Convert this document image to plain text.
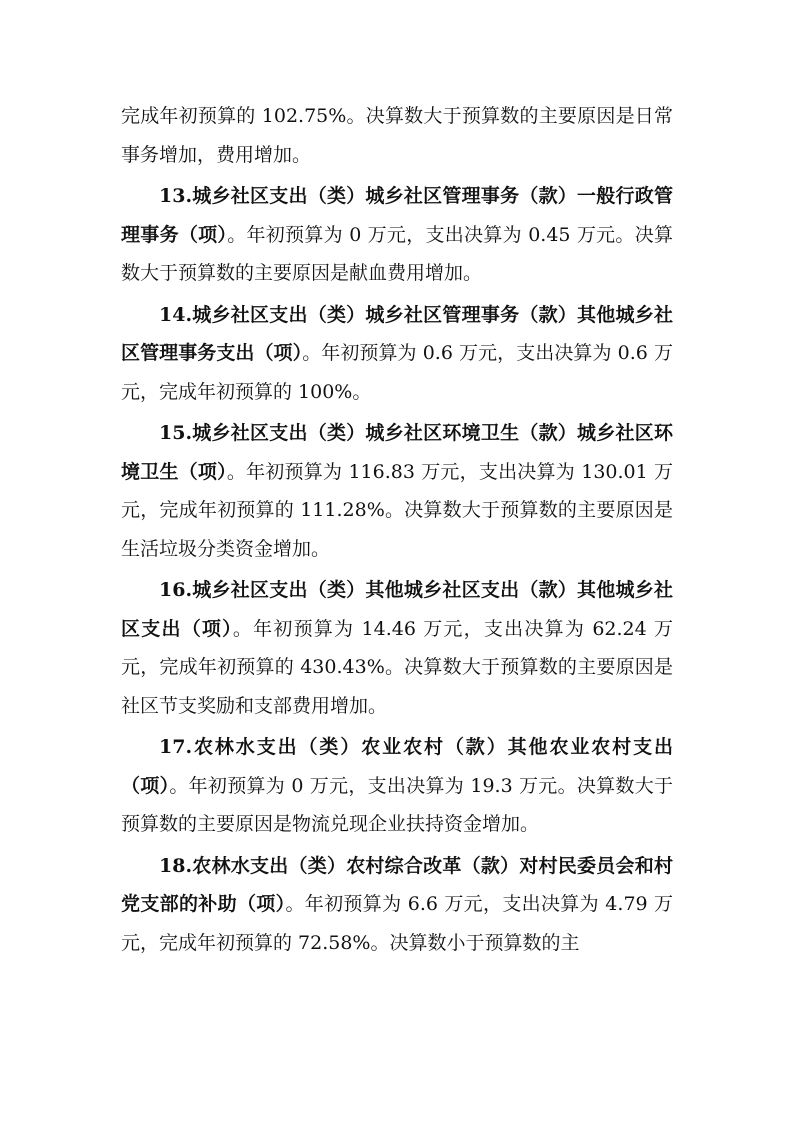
完成年初预算的 102.75%。决算数大于预算数的主要原因是日常事务增加，费用增加。

13.城乡社区支出（类）城乡社区管理事务（款）一般行政管理事务（项）。年初预算为 0 万元，支出决算为 0.45 万元。决算数大于预算数的主要原因是献血费用增加。

14.城乡社区支出（类）城乡社区管理事务（款）其他城乡社区管理事务支出（项）。年初预算为 0.6 万元，支出决算为 0.6 万元，完成年初预算的 100%。

15.城乡社区支出（类）城乡社区环境卫生（款）城乡社区环境卫生（项）。年初预算为 116.83 万元，支出决算为 130.01 万元，完成年初预算的 111.28%。决算数大于预算数的主要原因是生活垃圾分类资金增加。

16.城乡社区支出（类）其他城乡社区支出（款）其他城乡社区支出（项）。年初预算为 14.46 万元，支出决算为 62.24 万元，完成年初预算的 430.43%。决算数大于预算数的主要原因是社区节支奖励和支部费用增加。

17.农林水支出（类）农业农村（款）其他农业农村支出（项）。年初预算为 0 万元，支出决算为 19.3 万元。决算数大于预算数的主要原因是物流兑现企业扶持资金增加。

18.农林水支出（类）农村综合改革（款）对村民委员会和村党支部的补助（项）。年初预算为 6.6 万元，支出决算为 4.79 万元，完成年初预算的 72.58%。决算数小于预算数的主
